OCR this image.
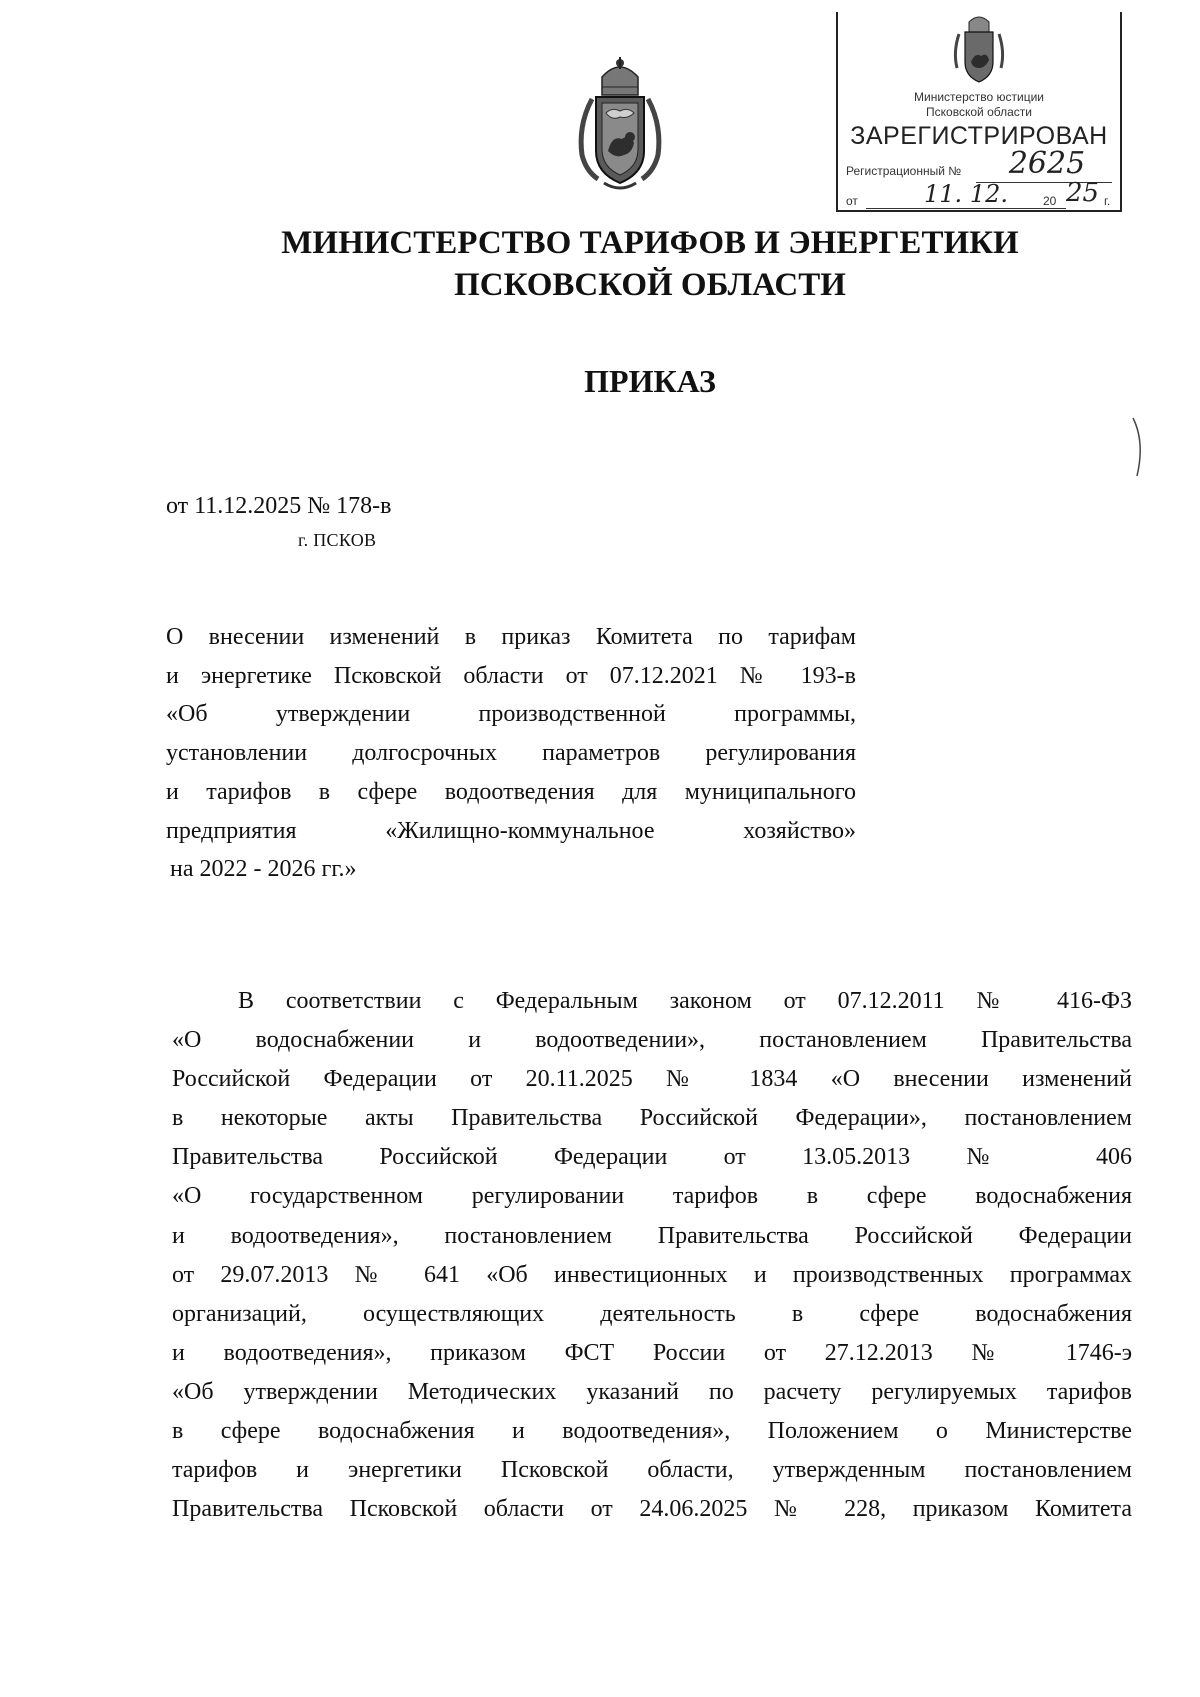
Министерство юстиции
Псковской области
ЗАРЕГИСТРИРОВАН
Регистрационный №	2625
от	11. 12.	20 25 г.
МИНИСТЕРСТВО ТАРИФОВ И ЭНЕРГЕТИКИ
ПСКОВСКОЙ ОБЛАСТИ
ПРИКАЗ
от 11.12.2025 № 178-в
г. ПСКОВ
О внесении изменений в приказ Комитета по тарифам
и энергетике Псковской области от 07.12.2021 № 193-в
«Об утверждении производственной программы,
установлении долгосрочных параметров регулирования
и тарифов в сфере водоотведения для муниципального
предприятия «Жилищно-коммунальное хозяйство»
на 2022 - 2026 гг.»
В соответствии с Федеральным законом от 07.12.2011 № 416-ФЗ
«О водоснабжении и водоотведении», постановлением Правительства
Российской Федерации от 20.11.2025 № 1834 «О внесении изменений
в некоторые акты Правительства Российской Федерации», постановлением
Правительства Российской Федерации от 13.05.2013 № 406
«О государственном регулировании тарифов в сфере водоснабжения
и водоотведения», постановлением Правительства Российской Федерации
от 29.07.2013 № 641 «Об инвестиционных и производственных программах
организаций, осуществляющих деятельность в сфере водоснабжения
и водоотведения», приказом ФСТ России от 27.12.2013 № 1746-э
«Об утверждении Методических указаний по расчету регулируемых тарифов
в сфере водоснабжения и водоотведения», Положением о Министерстве
тарифов и энергетики Псковской области, утвержденным постановлением
Правительства Псковской области от 24.06.2025 № 228, приказом Комитета
